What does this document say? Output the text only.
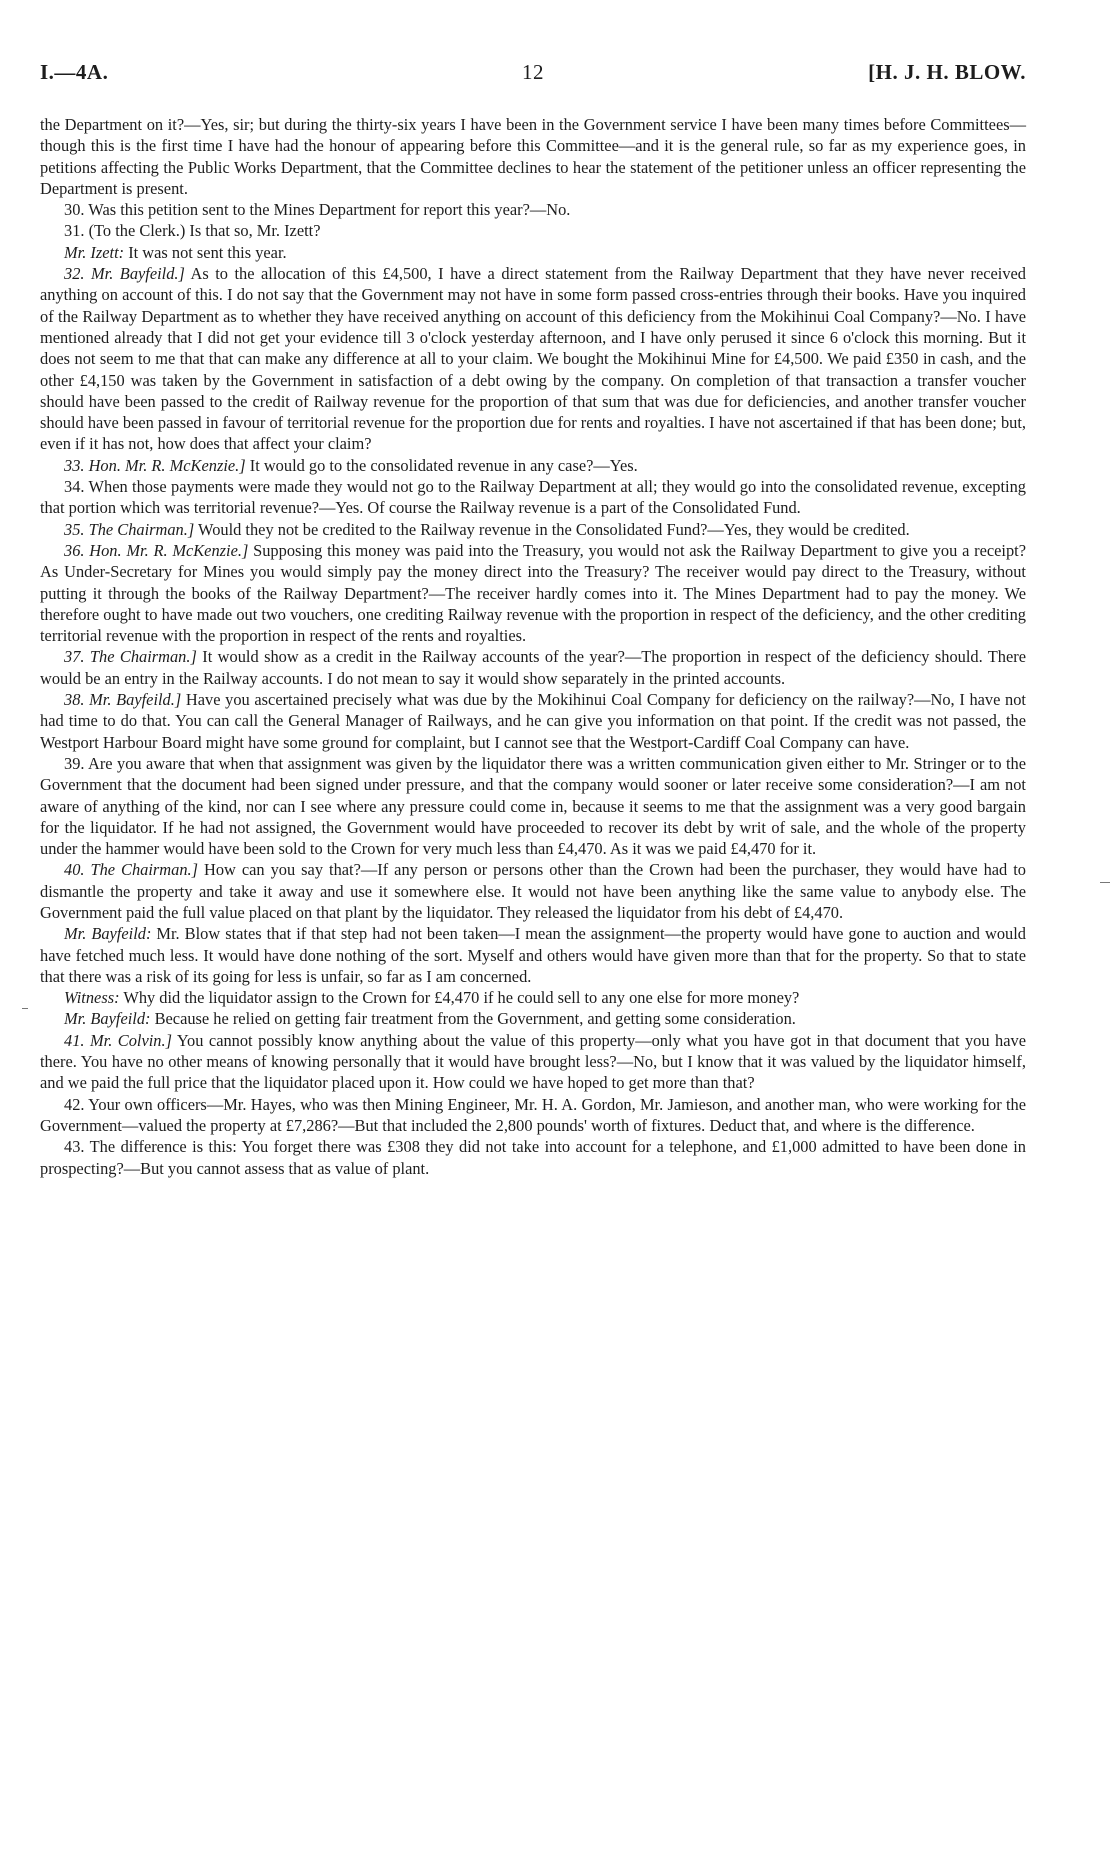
I.—4A.	12	[H. J. H. BLOW.

the Department on it?—Yes, sir; but during the thirty-six years I have been in the Government service I have been many times before Committees—though this is the first time I have had the honour of appearing before this Committee—and it is the general rule, so far as my experience goes, in petitions affecting the Public Works Department, that the Committee declines to hear the statement of the petitioner unless an officer representing the Department is present.

30. Was this petition sent to the Mines Department for report this year?—No.

31. (To the Clerk.) Is that so, Mr. Izett?

Mr. Izett: It was not sent this year.

32. Mr. Bayfeild.] As to the allocation of this £4,500, I have a direct statement from the Railway Department that they have never received anything on account of this. I do not say that the Government may not have in some form passed cross-entries through their books. Have you inquired of the Railway Department as to whether they have received anything on account of this deficiency from the Mokihinui Coal Company?—No. I have mentioned already that I did not get your evidence till 3 o'clock yesterday afternoon, and I have only perused it since 6 o'clock this morning. But it does not seem to me that that can make any difference at all to your claim. We bought the Mokihinui Mine for £4,500. We paid £350 in cash, and the other £4,150 was taken by the Government in satisfaction of a debt owing by the company. On completion of that transaction a transfer voucher should have been passed to the credit of Railway revenue for the proportion of that sum that was due for deficiencies, and another transfer voucher should have been passed in favour of territorial revenue for the proportion due for rents and royalties. I have not ascertained if that has been done; but, even if it has not, how does that affect your claim?

33. Hon. Mr. R. McKenzie.] It would go to the consolidated revenue in any case?—Yes.

34. When those payments were made they would not go to the Railway Department at all; they would go into the consolidated revenue, excepting that portion which was territorial revenue?—Yes. Of course the Railway revenue is a part of the Consolidated Fund.

35. The Chairman.] Would they not be credited to the Railway revenue in the Consolidated Fund?—Yes, they would be credited.

36. Hon. Mr. R. McKenzie.] Supposing this money was paid into the Treasury, you would not ask the Railway Department to give you a receipt? As Under-Secretary for Mines you would simply pay the money direct into the Treasury? The receiver would pay direct to the Treasury, without putting it through the books of the Railway Department?—The receiver hardly comes into it. The Mines Department had to pay the money. We therefore ought to have made out two vouchers, one crediting Railway revenue with the proportion in respect of the deficiency, and the other crediting territorial revenue with the proportion in respect of the rents and royalties.

37. The Chairman.] It would show as a credit in the Railway accounts of the year?—The proportion in respect of the deficiency should. There would be an entry in the Railway accounts. I do not mean to say it would show separately in the printed accounts.

38. Mr. Bayfeild.] Have you ascertained precisely what was due by the Mokihinui Coal Company for deficiency on the railway?—No, I have not had time to do that. You can call the General Manager of Railways, and he can give you information on that point. If the credit was not passed, the Westport Harbour Board might have some ground for complaint, but I cannot see that the Westport-Cardiff Coal Company can have.

39. Are you aware that when that assignment was given by the liquidator there was a written communication given either to Mr. Stringer or to the Government that the document had been signed under pressure, and that the company would sooner or later receive some consideration?—I am not aware of anything of the kind, nor can I see where any pressure could come in, because it seems to me that the assignment was a very good bargain for the liquidator. If he had not assigned, the Government would have proceeded to recover its debt by writ of sale, and the whole of the property under the hammer would have been sold to the Crown for very much less than £4,470. As it was we paid £4,470 for it.

40. The Chairman.] How can you say that?—If any person or persons other than the Crown had been the purchaser, they would have had to dismantle the property and take it away and use it somewhere else. It would not have been anything like the same value to anybody else. The Government paid the full value placed on that plant by the liquidator. They released the liquidator from his debt of £4,470.

Mr. Bayfeild: Mr. Blow states that if that step had not been taken—I mean the assignment—the property would have gone to auction and would have fetched much less. It would have done nothing of the sort. Myself and others would have given more than that for the property. So that to state that there was a risk of its going for less is unfair, so far as I am concerned.

Witness: Why did the liquidator assign to the Crown for £4,470 if he could sell to any one else for more money?

Mr. Bayfeild: Because he relied on getting fair treatment from the Government, and getting some consideration.

41. Mr. Colvin.] You cannot possibly know anything about the value of this property—only what you have got in that document that you have there. You have no other means of knowing personally that it would have brought less?—No, but I know that it was valued by the liquidator himself, and we paid the full price that the liquidator placed upon it. How could we have hoped to get more than that?

42. Your own officers—Mr. Hayes, who was then Mining Engineer, Mr. H. A. Gordon, Mr. Jamieson, and another man, who were working for the Government—valued the property at £7,286?—But that included the 2,800 pounds' worth of fixtures. Deduct that, and where is the difference.

43. The difference is this: You forget there was £308 they did not take into account for a telephone, and £1,000 admitted to have been done in prospecting?—But you cannot assess that as value of plant.
